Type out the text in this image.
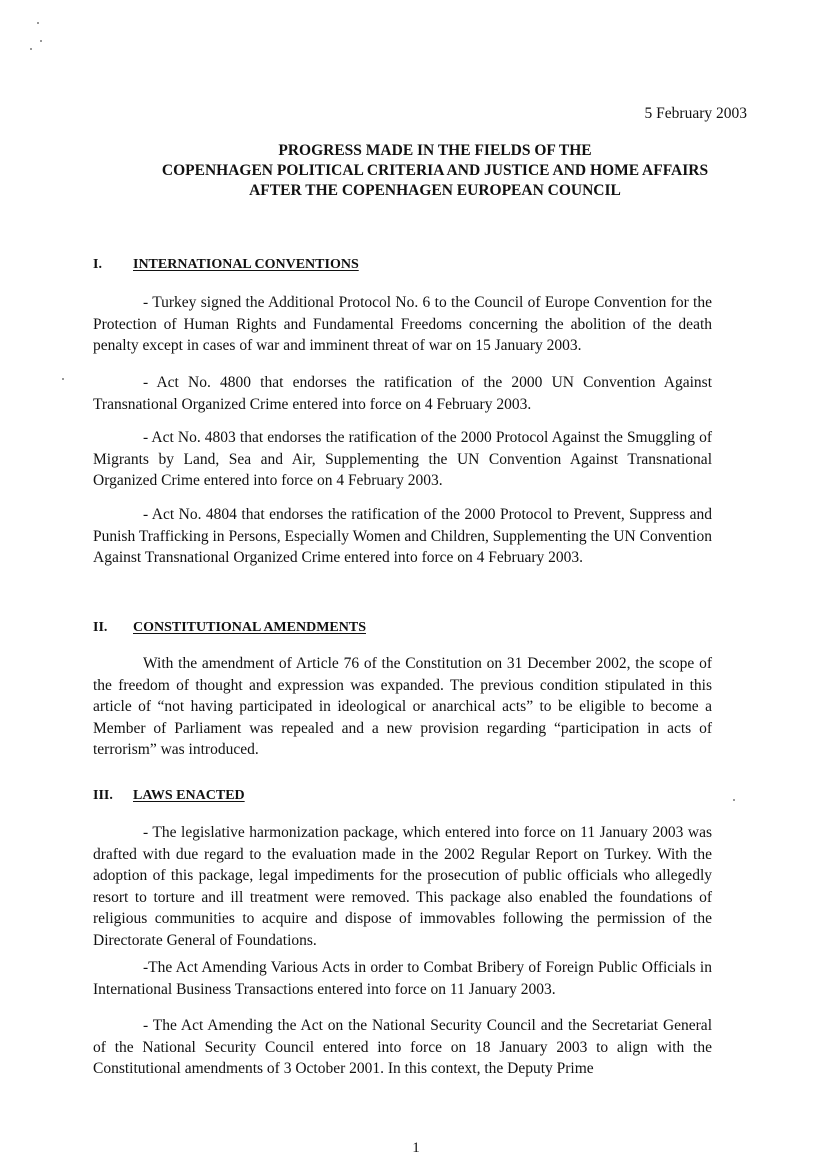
5 February 2003
PROGRESS MADE IN THE FIELDS OF THE
COPENHAGEN POLITICAL CRITERIA AND JUSTICE AND HOME AFFAIRS
AFTER THE COPENHAGEN EUROPEAN COUNCIL
I. INTERNATIONAL CONVENTIONS

- Turkey signed the Additional Protocol No. 6 to the Council of Europe Convention for the Protection of Human Rights and Fundamental Freedoms concerning the abolition of the death penalty except in cases of war and imminent threat of war on 15 January 2003.

- Act No. 4800 that endorses the ratification of the 2000 UN Convention Against Transnational Organized Crime entered into force on 4 February 2003.

- Act No. 4803 that endorses the ratification of the 2000 Protocol Against the Smuggling of Migrants by Land, Sea and Air, Supplementing the UN Convention Against Transnational Organized Crime entered into force on 4 February 2003.

- Act No. 4804 that endorses the ratification of the 2000 Protocol to Prevent, Suppress and Punish Trafficking in Persons, Especially Women and Children, Supplementing the UN Convention Against Transnational Organized Crime entered into force on 4 February 2003.

II. CONSTITUTIONAL AMENDMENTS

With the amendment of Article 76 of the Constitution on 31 December 2002, the scope of the freedom of thought and expression was expanded. The previous condition stipulated in this article of “not having participated in ideological or anarchical acts” to be eligible to become a Member of Parliament was repealed and a new provision regarding “participation in acts of terrorism” was introduced.

III. LAWS ENACTED

- The legislative harmonization package, which entered into force on 11 January 2003 was drafted with due regard to the evaluation made in the 2002 Regular Report on Turkey. With the adoption of this package, legal impediments for the prosecution of public officials who allegedly resort to torture and ill treatment were removed. This package also enabled the foundations of religious communities to acquire and dispose of immovables following the permission of the Directorate General of Foundations.

-The Act Amending Various Acts in order to Combat Bribery of Foreign Public Officials in International Business Transactions entered into force on 11 January 2003.

- The Act Amending the Act on the National Security Council and the Secretariat General of the National Security Council entered into force on 18 January 2003 to align with the Constitutional amendments of 3 October 2001. In this context, the Deputy Prime

1
